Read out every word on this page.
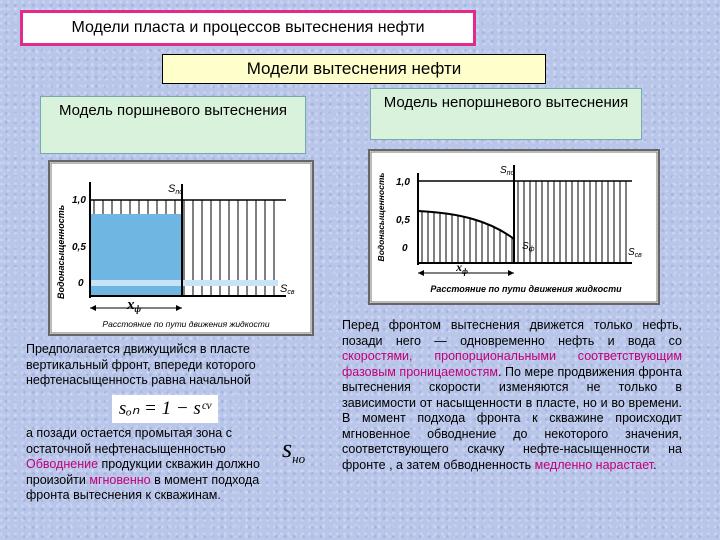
Модели пласта и процессов вытеснения нефти
Модели вытеснения нефти
Модель поршневого вытеснения	Модель непоршневого вытеснения
Водонасыщенность
1,0
0,5
0
Sпо
Sсв
$x_ф$
Расстояние по пути движения жидкости
Водонасыщенность 1,0
0,5
0
$S_{по}$
$S_ф$	$S_{св}$
$x_ф$
Расстояние по пути движения жидкости
Предполагается движущийся в пласте вертикальный фронт, впереди которого нефтенасыщенность равна начальной
sₒₙ = 1 − sᶜᵛ
а позади остается промытая зона с остаточной нефтенасыщенностью Обводнение продукции скважин должно произойти мгновенно в момент подхода фронта вытеснения к скважинам.
$s_{но}$
Перед фронтом вытеснения движется только нефть, позади него — одновременно нефть и вода со скоростями, пропорциональными соответствующим фазовым проницаемостям. По мере продвижения фронта вытеснения скорости изменяются не только в зависимости от насыщенности в пласте, но и во времени. В момент подхода фронта к скважине происходит мгновенное обводнение до некоторого значения, соответствующего скачку нефте-насыщенности на фронте , а затем обводненность медленно нарастает.
